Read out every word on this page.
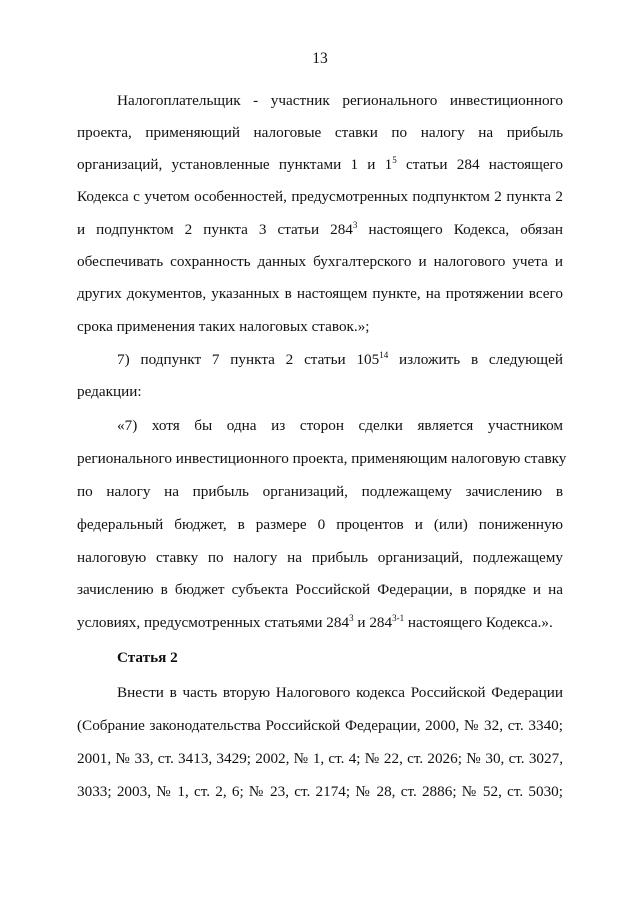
13
Налогоплательщик - участник регионального инвестиционного
проекта, применяющий налоговые ставки по налогу на прибыль
организаций, установленные пунктами 1 и $1^5$ статьи 284 настоящего
Кодекса с учетом особенностей, предусмотренных подпунктом 2 пункта 2
и подпунктом 2 пункта 3 статьи $284^3$ настоящего Кодекса, обязан
обеспечивать сохранность данных бухгалтерского и налогового учета и
других документов, указанных в настоящем пункте, на протяжении всего
срока применения таких налоговых ставок.»;
7) подпункт 7 пункта 2 статьи $105^{14}$ изложить в следующей
редакции:
«7) хотя бы одна из сторон сделки является участником
регионального инвестиционного проекта, применяющим налоговую ставку
по налогу на прибыль организаций, подлежащему зачислению в
федеральный бюджет, в размере 0 процентов и (или) пониженную
налоговую ставку по налогу на прибыль организаций, подлежащему
зачислению в бюджет субъекта Российской Федерации, в порядке и на
условиях, предусмотренных статьями $284^3$ и 284$^{3-1}$ настоящего Кодекса.».
Статья 2
Внести в часть вторую Налогового кодекса Российской Федерации
(Собрание законодательства Российской Федерации, 2000, № 32, ст. 3340;
2001, № 33, ст. 3413, 3429; 2002, № 1, ст. 4; № 22, ст. 2026; № 30, ст. 3027,
3033; 2003, № 1, ст. 2, 6; № 23, ст. 2174; № 28, ст. 2886; № 52, ст. 5030;
